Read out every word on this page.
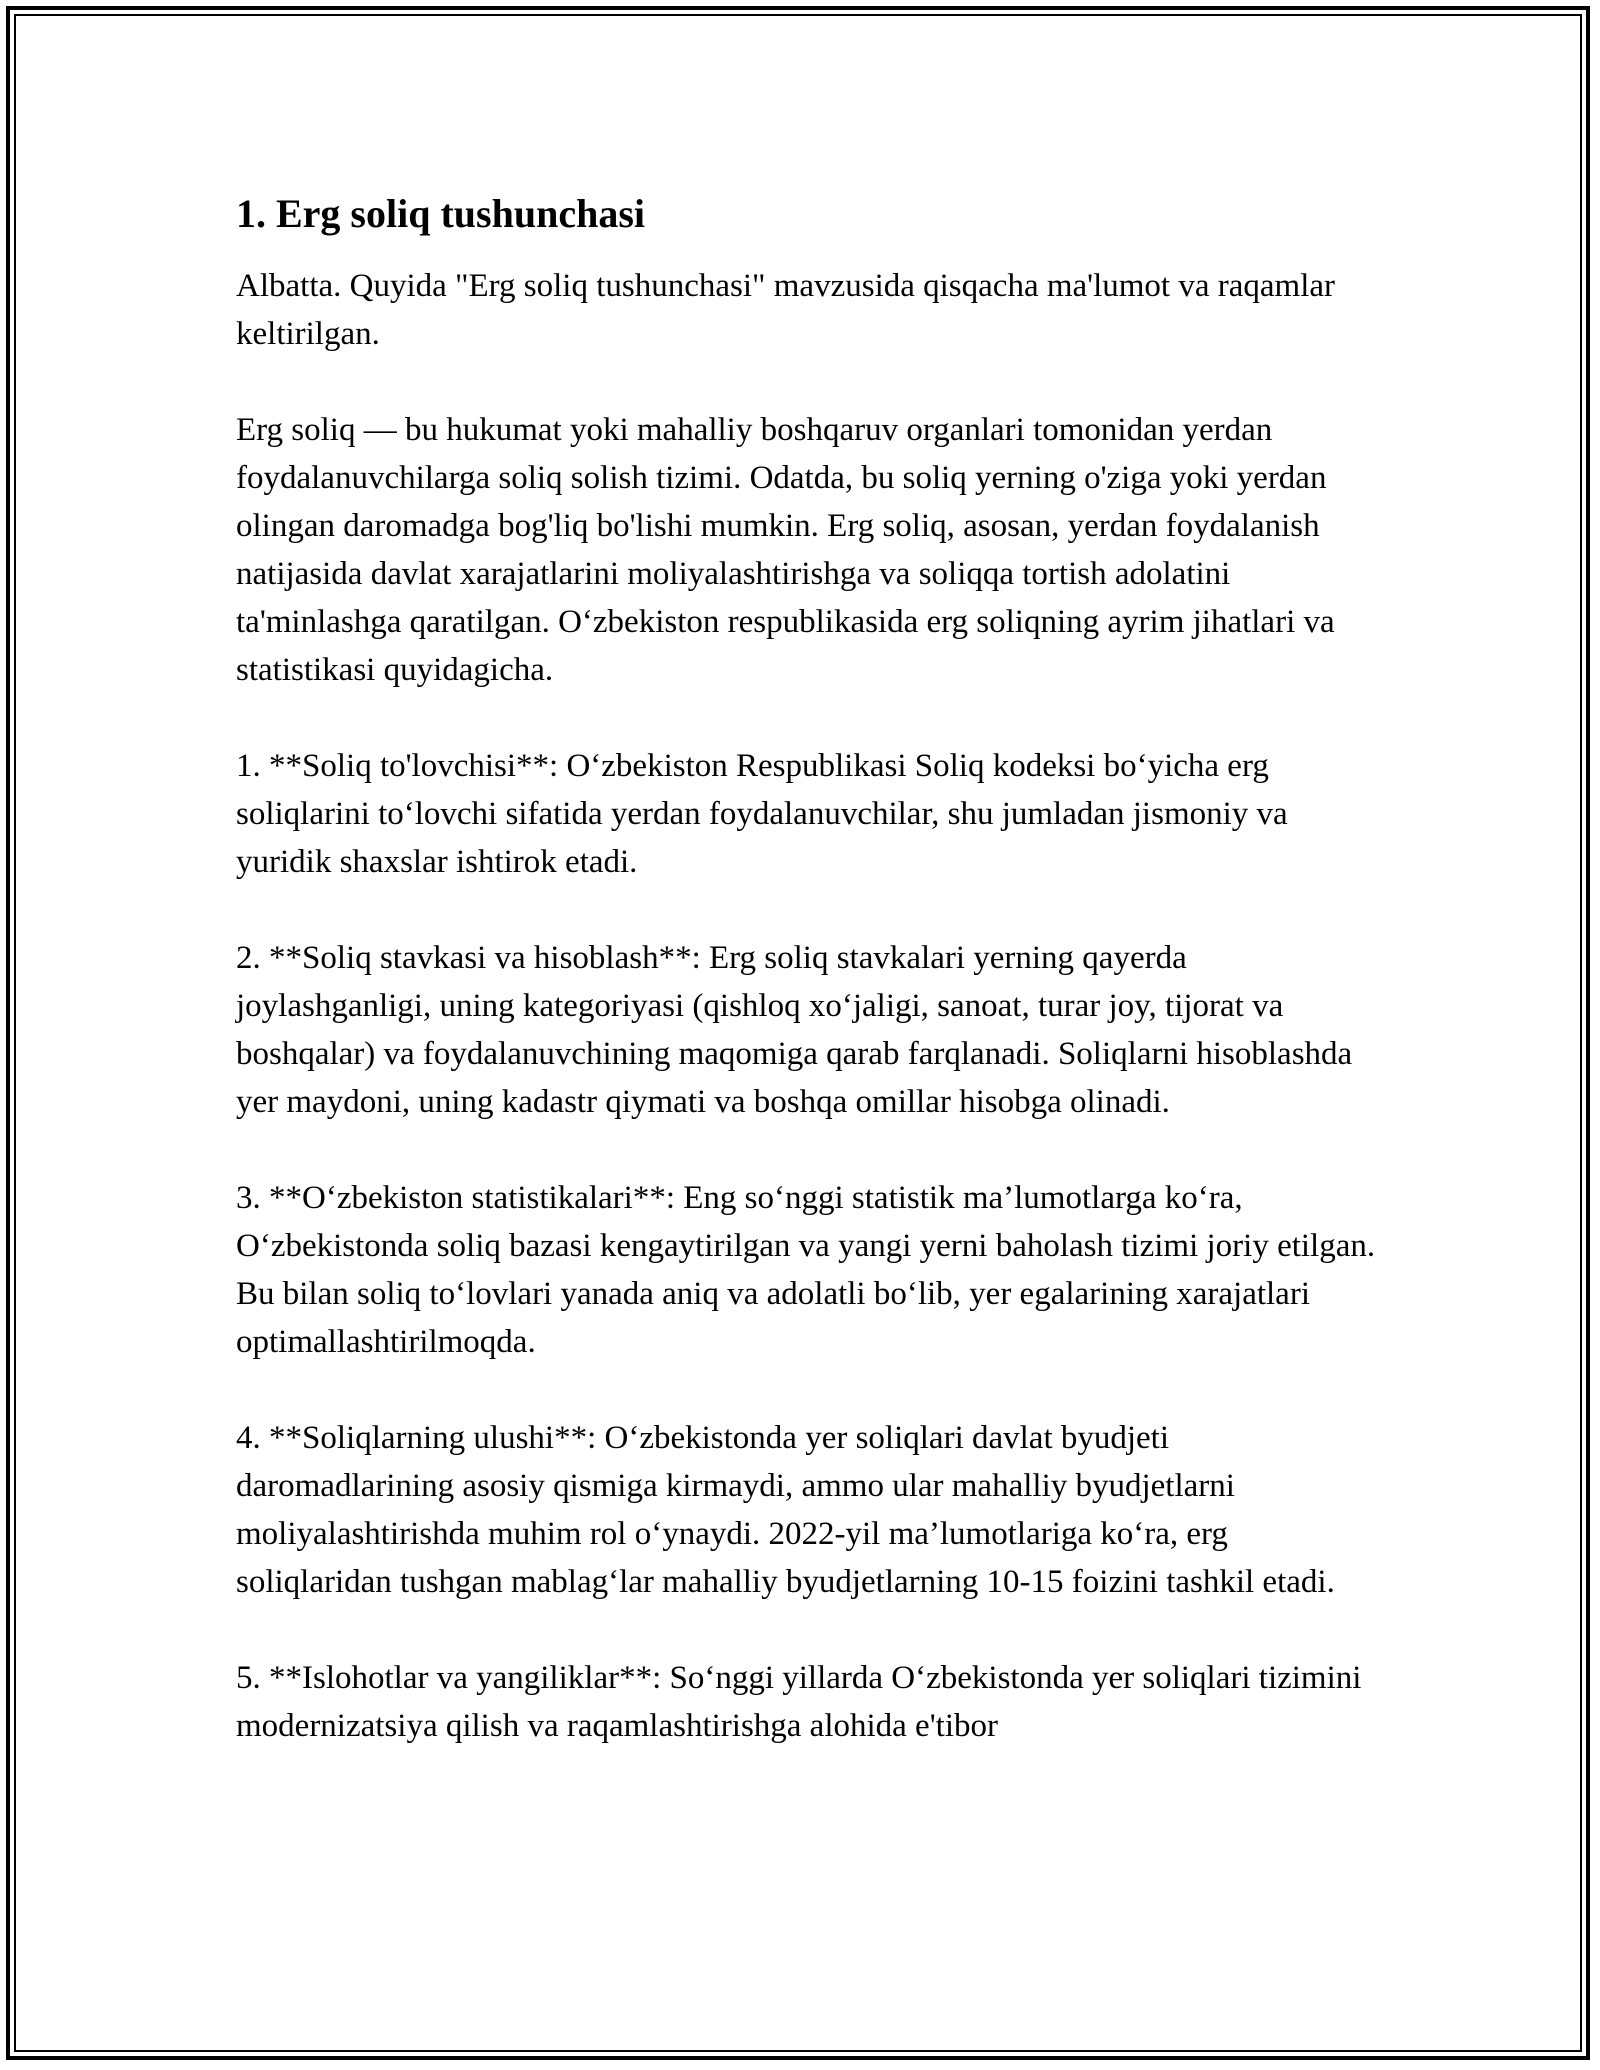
1. Erg soliq tushunchasi

Albatta. Quyida "Erg soliq tushunchasi" mavzusida qisqacha ma'lumot va raqamlar keltirilgan.

Erg soliq — bu hukumat yoki mahalliy boshqaruv organlari tomonidan yerdan foydalanuvchilarga soliq solish tizimi. Odatda, bu soliq yerning o'ziga yoki yerdan olingan daromadga bog'liq bo'lishi mumkin. Erg soliq, asosan, yerdan foydalanish natijasida davlat xarajatlarini moliyalashtirishga va soliqqa tortish adolatini ta'minlashga qaratilgan. O‘zbekiston respublikasida erg soliqning ayrim jihatlari va statistikasi quyidagicha.

1. **Soliq to'lovchisi**: O‘zbekiston Respublikasi Soliq kodeksi bo‘yicha erg soliqlarini to‘lovchi sifatida yerdan foydalanuvchilar, shu jumladan jismoniy va yuridik shaxslar ishtirok etadi.

2. **Soliq stavkasi va hisoblash**: Erg soliq stavkalari yerning qayerda joylashganligi, uning kategoriyasi (qishloq xo‘jaligi, sanoat, turar joy, tijorat va boshqalar) va foydalanuvchining maqomiga qarab farqlanadi. Soliqlarni hisoblashda yer maydoni, uning kadastr qiymati va boshqa omillar hisobga olinadi.

3. **O‘zbekiston statistikalari**: Eng so‘nggi statistik ma’lumotlarga ko‘ra, O‘zbekistonda soliq bazasi kengaytirilgan va yangi yerni baholash tizimi joriy etilgan. Bu bilan soliq to‘lovlari yanada aniq va adolatli bo‘lib, yer egalarining xarajatlari optimallashtirilmoqda.

4. **Soliqlarning ulushi**: O‘zbekistonda yer soliqlari davlat byudjeti daromadlarining asosiy qismiga kirmaydi, ammo ular mahalliy byudjetlarni moliyalashtirishda muhim rol o‘ynaydi. 2022-yil ma’lumotlariga ko‘ra, erg soliqlaridan tushgan mablag‘lar mahalliy byudjetlarning 10-15 foizini tashkil etadi.

5. **Islohotlar va yangiliklar**: So‘nggi yillarda O‘zbekistonda yer soliqlari tizimini modernizatsiya qilish va raqamlashtirishga alohida e'tibor
